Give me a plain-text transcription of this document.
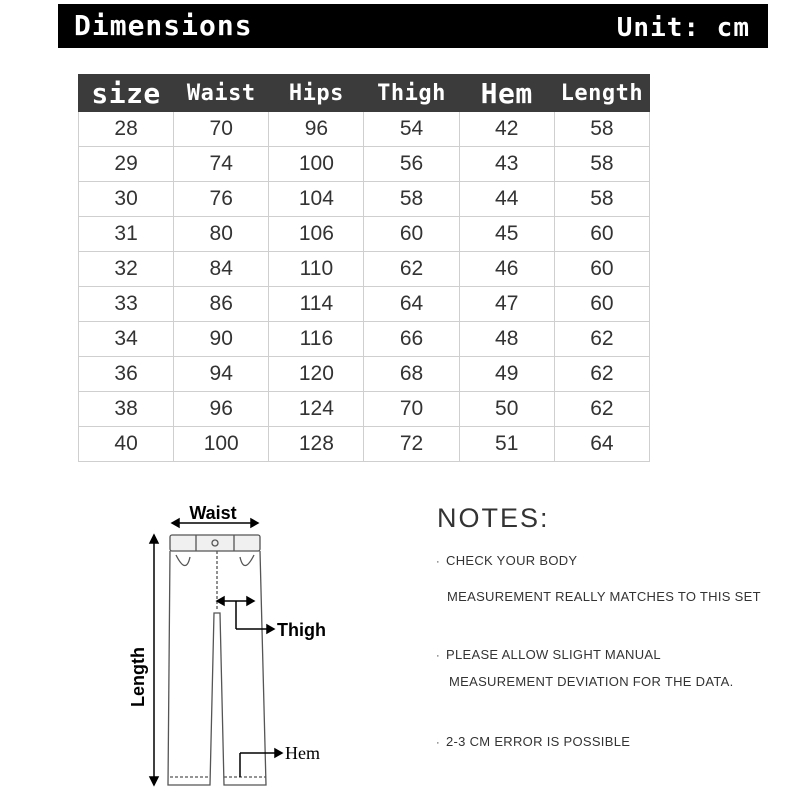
Dimensions	Unit: cm
size	Waist	Hips	Thigh	Hem	Length
28	70	96	54	42	58
29	74	100	56	43	58
30	76	104	58	44	58
31	80	106	60	45	60
32	84	110	62	46	60
33	86	114	64	47	60
34	90	116	66	48	62
36	94	120	68	49	62
38	96	124	70	50	62
40	100	128	72	51	64
Waist
Length
Thigh
Hem
NOTES:
· CHECK YOUR BODY
MEASUREMENT REALLY MATCHES TO THIS SET
· PLEASE ALLOW SLIGHT MANUAL
MEASUREMENT DEVIATION FOR THE DATA.
· 2-3 CM ERROR IS POSSIBLE
